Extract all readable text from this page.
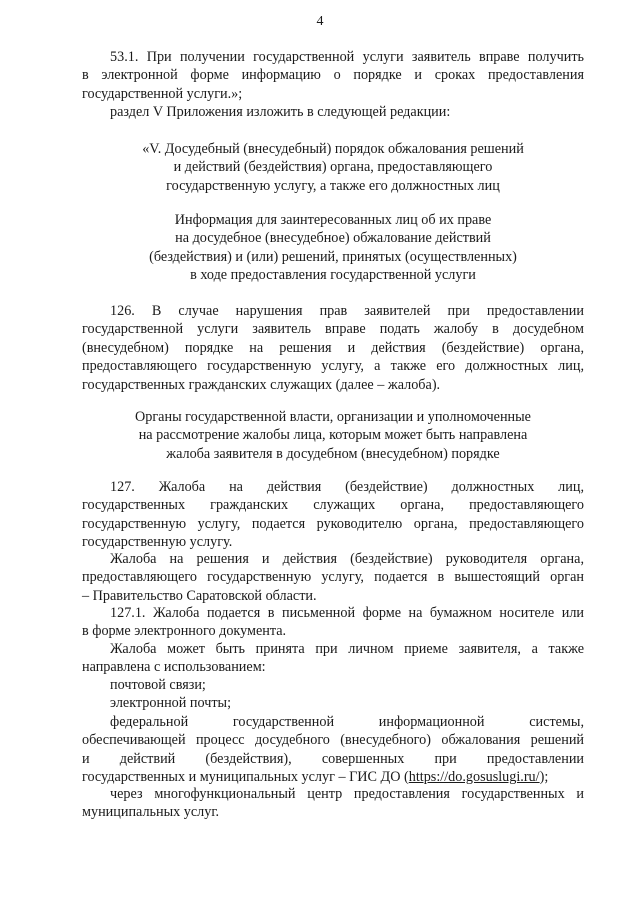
4
53.1. При получении государственной услуги заявитель вправе получить
в электронной форме информацию о порядке и сроках предоставления
государственной услуги.»;
раздел V Приложения изложить в следующей редакции:
«V. Досудебный (внесудебный) порядок обжалования решений
и действий (бездействия) органа, предоставляющего
государственную услугу, а также его должностных лиц
Информация для заинтересованных лиц об их праве
на досудебное (внесудебное) обжалование действий
(бездействия) и (или) решений, принятых (осуществленных)
в ходе предоставления государственной услуги
126. В случае нарушения прав заявителей при предоставлении
государственной услуги заявитель вправе подать жалобу в досудебном
(внесудебном) порядке на решения и действия (бездействие) органа,
предоставляющего государственную услугу, а также его должностных лиц,
государственных гражданских служащих (далее – жалоба).
Органы государственной власти, организации и уполномоченные
на рассмотрение жалобы лица, которым может быть направлена
жалоба заявителя в досудебном (внесудебном) порядке
127. Жалоба на действия (бездействие) должностных лиц,
государственных гражданских служащих органа, предоставляющего
государственную услугу, подается руководителю органа, предоставляющего
государственную услугу.
Жалоба на решения и действия (бездействие) руководителя органа,
предоставляющего государственную услугу, подается в вышестоящий орган
– Правительство Саратовской области.
127.1. Жалоба подается в письменной форме на бумажном носителе или
в форме электронного документа.
Жалоба может быть принята при личном приеме заявителя, а также
направлена с использованием:
почтовой связи;
электронной почты;
федеральной государственной информационной системы,
обеспечивающей процесс досудебного (внесудебного) обжалования решений
и действий (бездействия), совершенных при предоставлении
государственных и муниципальных услуг – ГИС ДО (https://do.gosuslugi.ru/);
через многофункциональный центр предоставления государственных и
муниципальных услуг.
